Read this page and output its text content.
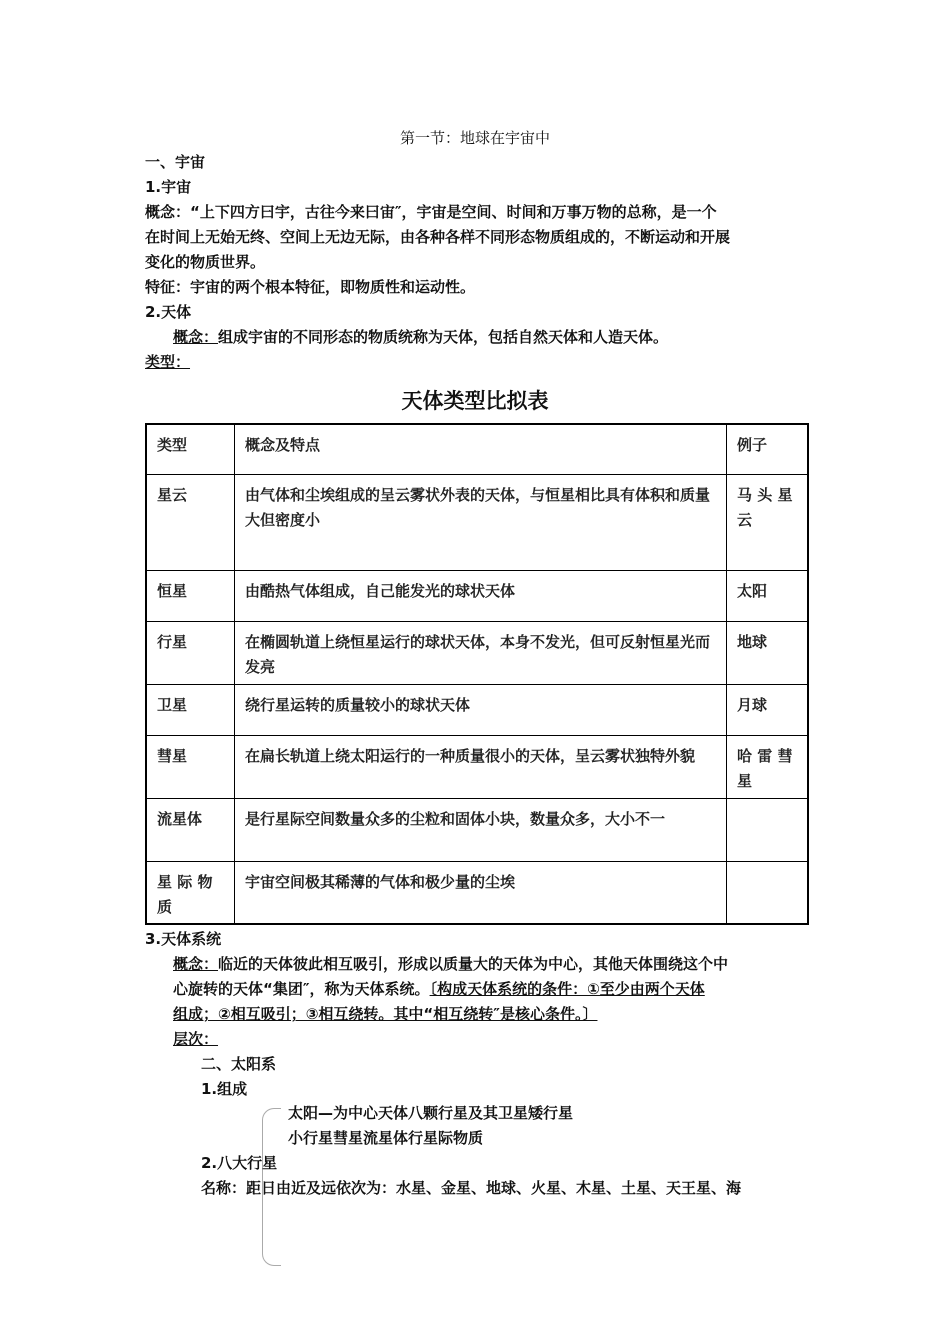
第一节：地球在宇宙中
一、宇宙
1.宇宙
概念：“上下四方曰宇，古往今来曰宙″，宇宙是空间、时间和万事万物的总称，是一个
在时间上无始无终、空间上无边无际，由各种各样不同形态物质组成的，不断运动和开展
变化的物质世界。
特征：宇宙的两个根本特征，即物质性和运动性。
2.天体
概念：组成宇宙的不同形态的物质统称为天体，包括自然天体和人造天体。
类型：
天体类型比拟表
类型	概念及特点	例子
星云	由气体和尘埃组成的呈云雾状外表的天体，与恒星相比具有体积和质量大但密度小	马 头 星云
恒星	由酷热气体组成，自己能发光的球状天体	太阳
行星	在椭圆轨道上绕恒星运行的球状天体，本身不发光，但可反射恒星光而发亮	地球
卫星	绕行星运转的质量较小的球状天体	月球
彗星	在扁长轨道上绕太阳运行的一种质量很小的天体，呈云雾状独特外貌	哈 雷 彗星
流星体	是行星际空间数量众多的尘粒和固体小块，数量众多，大小不一	
星 际 物质	宇宙空间极其稀薄的气体和极少量的尘埃	
3.天体系统
概念：临近的天体彼此相互吸引，形成以质量大的天体为中心，其他天体围绕这个中
心旋转的天体“集团″，称为天体系统。〔构成天体系统的条件：①至少由两个天体
组成；②相互吸引；③相互绕转。其中“相互绕转″是核心条件。〕
层次：
二、太阳系
1.组成
太阳—为中心天体八颗行星及其卫星矮行星
小行星彗星流星体行星际物质
2.八大行星
名称：距日由近及远依次为：水星、金星、地球、火星、木星、土星、天王星、海
